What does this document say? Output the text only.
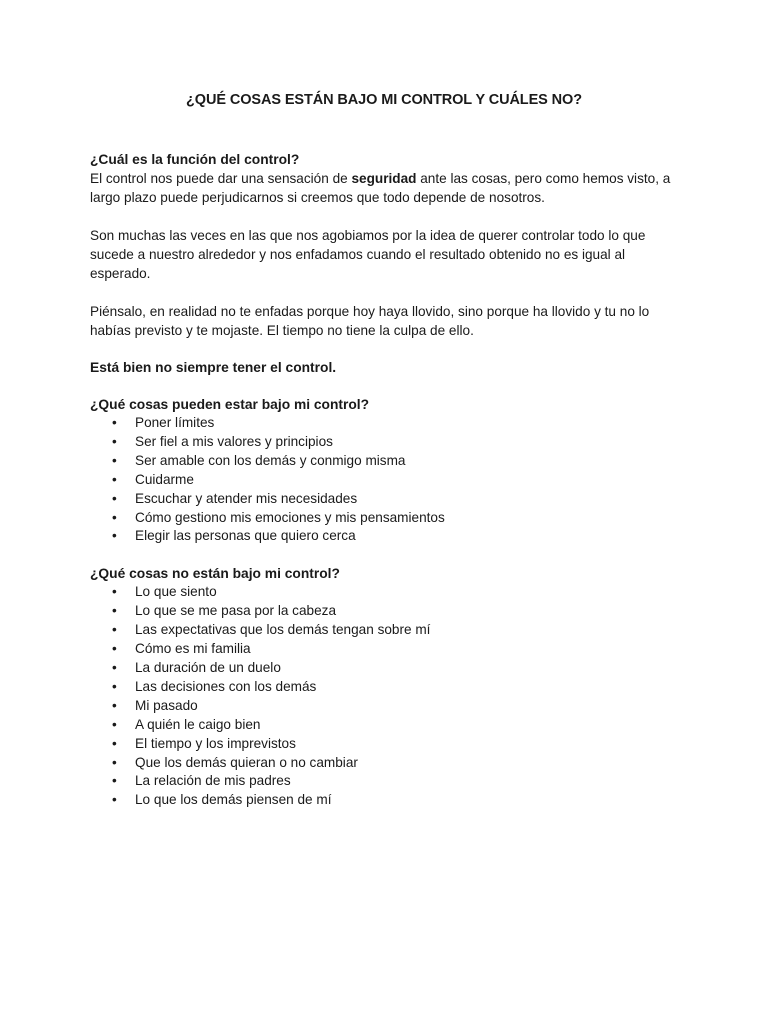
¿QUÉ COSAS ESTÁN BAJO MI CONTROL Y CUÁLES NO?

¿Cuál es la función del control?

El control nos puede dar una sensación de seguridad ante las cosas, pero como hemos visto, a largo plazo puede perjudicarnos si creemos que todo depende de nosotros.

Son muchas las veces en las que nos agobiamos por la idea de querer controlar todo lo que sucede a nuestro alrededor y nos enfadamos cuando el resultado obtenido no es igual al esperado.

Piénsalo, en realidad no te enfadas porque hoy haya llovido, sino porque ha llovido y tu no lo habías previsto y te mojaste. El tiempo no tiene la culpa de ello.

Está bien no siempre tener el control.

¿Qué cosas pueden estar bajo mi control?

• Poner límites
• Ser fiel a mis valores y principios
• Ser amable con los demás y conmigo misma
• Cuidarme
• Escuchar y atender mis necesidades
• Cómo gestiono mis emociones y mis pensamientos
• Elegir las personas que quiero cerca

¿Qué cosas no están bajo mi control?

• Lo que siento
• Lo que se me pasa por la cabeza
• Las expectativas que los demás tengan sobre mí
• Cómo es mi familia
• La duración de un duelo
• Las decisiones con los demás
• Mi pasado
• A quién le caigo bien
• El tiempo y los imprevistos
• Que los demás quieran o no cambiar
• La relación de mis padres
• Lo que los demás piensen de mí
